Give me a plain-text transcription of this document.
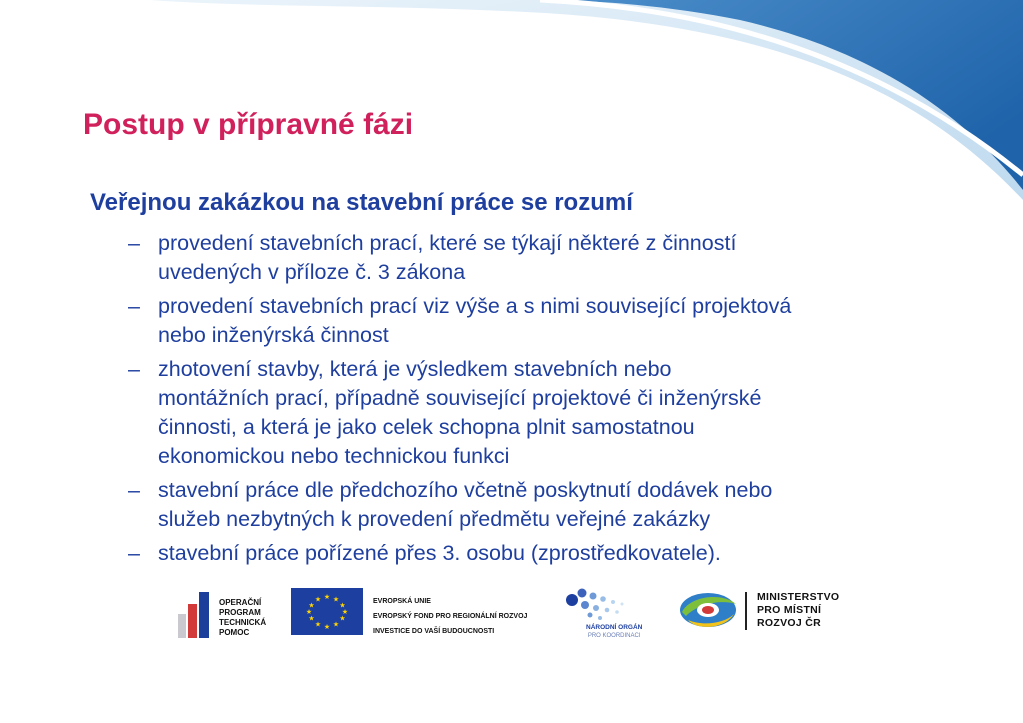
Postup v přípravné fázi
Veřejnou zakázkou na stavební práce se rozumí
– provedení stavebních prací, které se týkají některé z činností
uvedených v příloze č. 3 zákona
– provedení stavebních prací viz výše a s nimi související projektová
nebo inženýrská činnost
– zhotovení stavby, která je výsledkem stavebních nebo
montážních prací, případně související projektové či inženýrské
činnosti, a která je jako celek schopna plnit samostatnou
ekonomickou nebo technickou funkci
– stavební práce dle předchozího včetně poskytnutí dodávek nebo
služeb nezbytných k provedení předmětu veřejné zakázky
– stavební práce pořízené přes 3. osobu (zprostředkovatele).
OPERAČNÍ
PROGRAM
TECHNICKÁ
POMOC
★ ★
★
★
★
★
★
★
★
★
★
★	EVROPSKÁ UNIE
EVROPSKÝ FOND PRO REGIONÁLNÍ ROZVOJ
INVESTICE DO VAŠÍ BUDOUCNOSTI
NÁRODNÍ ORGÁN
PRO KOORDINACI
MINISTERSTVO
PRO MÍSTNÍ
ROZVOJ ČR
